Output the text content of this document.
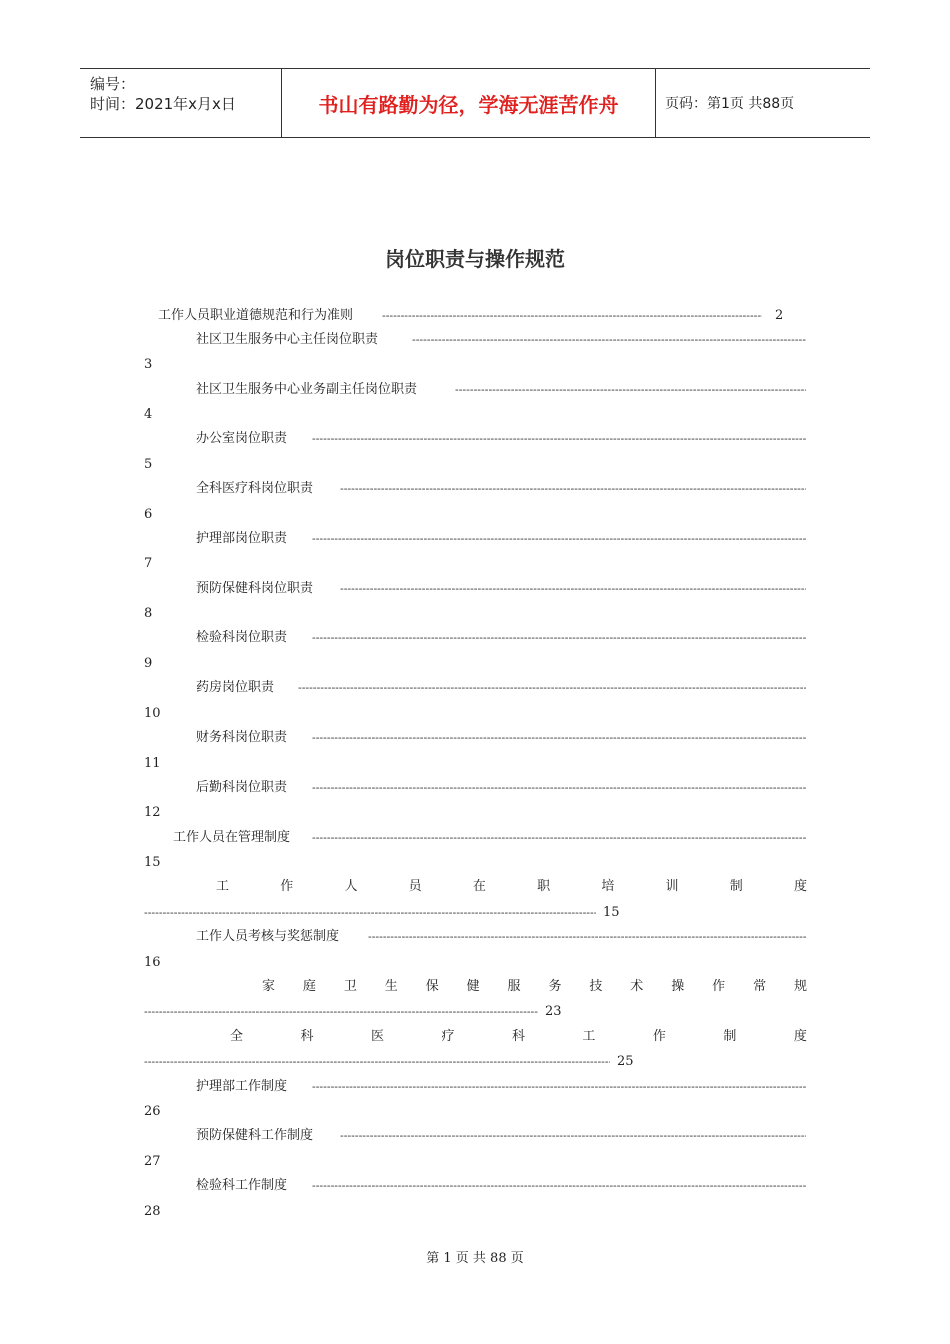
编号：
时间：2021年x月x日	书山有路勤为径，学海无涯苦作舟	页码：第1页 共88页
岗位职责与操作规范
工作人员职业道德规范和行为准则
-----	2
社区卫生服务中心主任岗位职责
-----
3
社区卫生服务中心业务副主任岗位职责
-----
4
办公室岗位职责
-----
5
全科医疗科岗位职责
-----
6
护理部岗位职责
-----
7
预防保健科岗位职责
-----
8
检验科岗位职责
-----
9
药房岗位职责
-----
10
财务科岗位职责
-----
11
后勤科岗位职责
-----
12
工作人员在管理制度
-----
15
工	作	人	员	在	职	培	训	制	度
-----
15
工作人员考核与奖惩制度
-----
16
家 庭 卫 生 保 健 服 务 技 术 操 作 常 规
-----
23
全	科	医	疗	科	工	作	制	度
-----
25
护理部工作制度
-----
26
预防保健科工作制度
-----
27
检验科工作制度
-----
28
第 1 页 共 88 页
